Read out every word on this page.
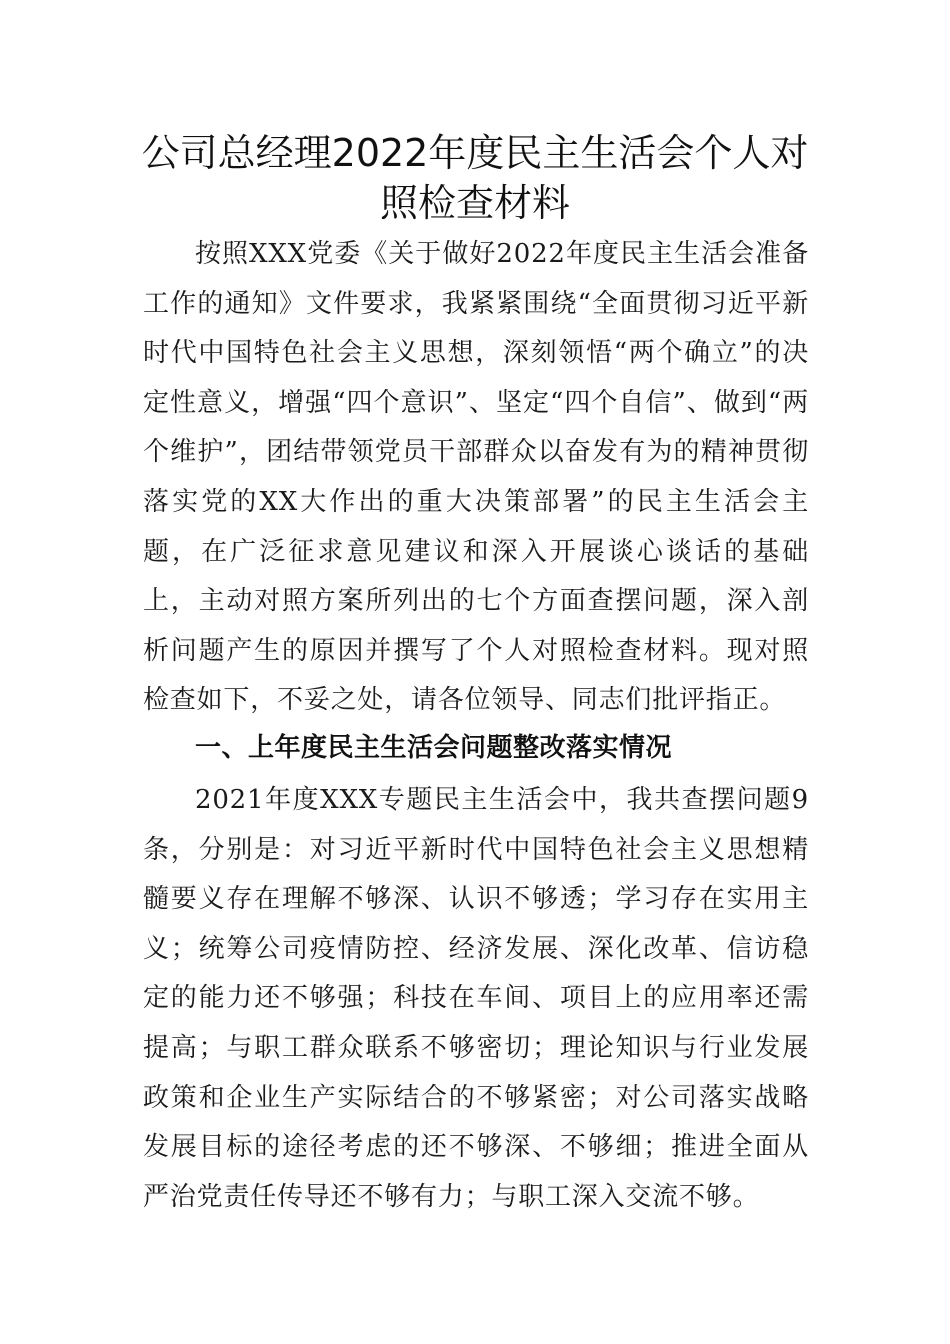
公司总经理2022年度民主生活会个人对照检查材料

按照XXX党委《关于做好2022年度民主生活会准备工作的通知》文件要求，我紧紧围绕“全面贯彻习近平新时代中国特色社会主义思想，深刻领悟“两个确立”的决定性意义，增强“四个意识”、坚定“四个自信”、做到“两个维护”，团结带领党员干部群众以奋发有为的精神贯彻落实党的XX大作出的重大决策部署”的民主生活会主题，在广泛征求意见建议和深入开展谈心谈话的基础上，主动对照方案所列出的七个方面查摆问题，深入剖析问题产生的原因并撰写了个人对照检查材料。现对照检查如下，不妥之处，请各位领导、同志们批评指正。

一、上年度民主生活会问题整改落实情况

2021年度XXX专题民主生活会中，我共查摆问题9条，分别是：对习近平新时代中国特色社会主义思想精髓要义存在理解不够深、认识不够透；学习存在实用主义；统筹公司疫情防控、经济发展、深化改革、信访稳定的能力还不够强；科技在车间、项目上的应用率还需提高；与职工群众联系不够密切；理论知识与行业发展政策和企业生产实际结合的不够紧密；对公司落实战略发展目标的途径考虑的还不够深、不够细；推进全面从严治党责任传导还不够有力；与职工深入交流不够。
